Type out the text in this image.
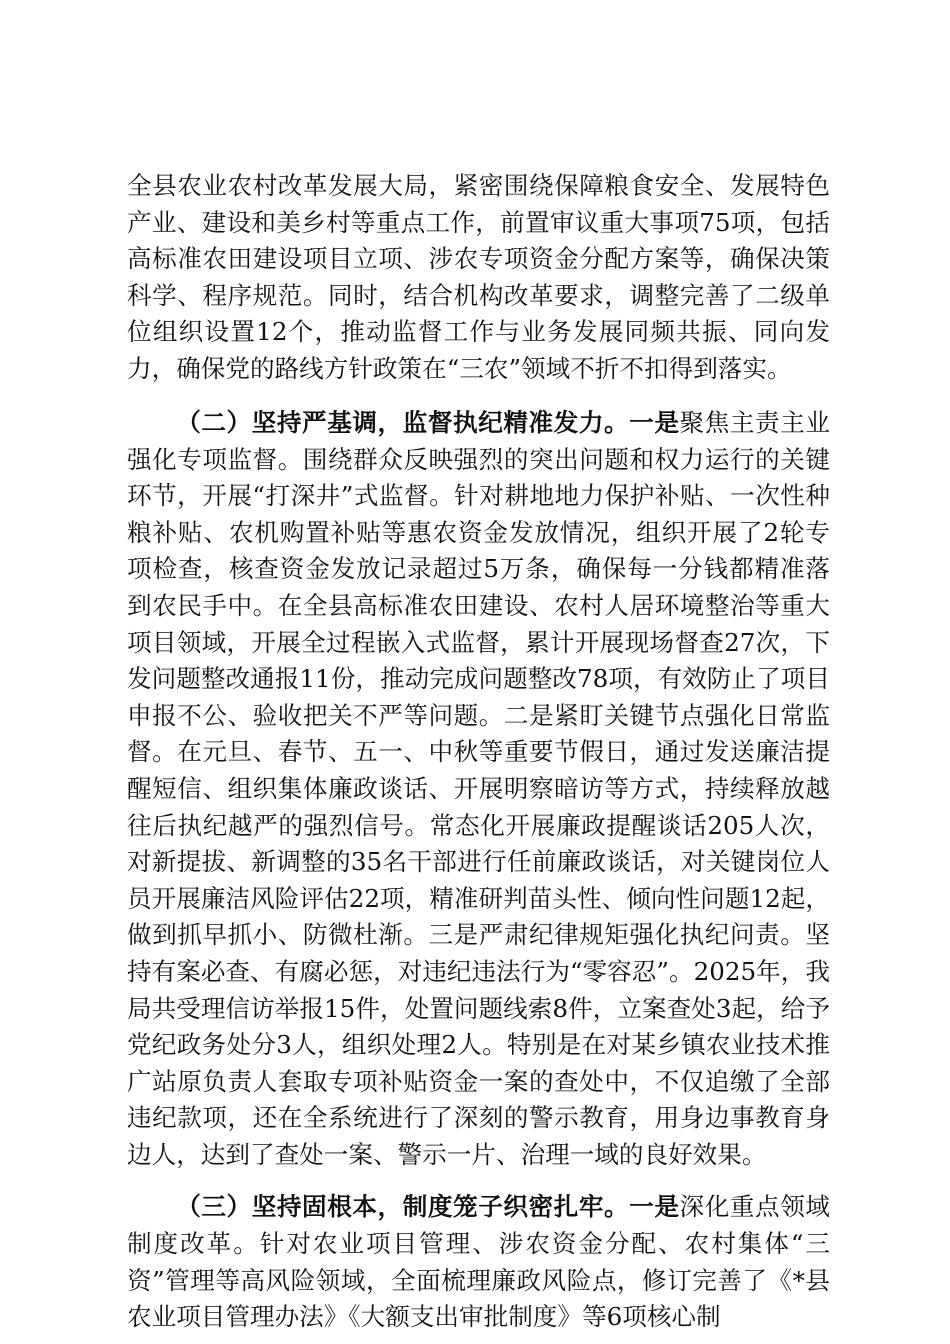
全县农业农村改革发展大局，紧密围绕保障粮食安全、发展特色产业、建设和美乡村等重点工作，前置审议重大事项75项，包括高标准农田建设项目立项、涉农专项资金分配方案等，确保决策科学、程序规范。同时，结合机构改革要求，调整完善了二级单位组织设置12个，推动监督工作与业务发展同频共振、同向发力，确保党的路线方针政策在“三农”领域不折不扣得到落实。

（二）坚持严基调，监督执纪精准发力。一是聚焦主责主业强化专项监督。围绕群众反映强烈的突出问题和权力运行的关键环节，开展“打深井”式监督。针对耕地地力保护补贴、一次性种粮补贴、农机购置补贴等惠农资金发放情况，组织开展了2轮专项检查，核查资金发放记录超过5万条，确保每一分钱都精准落到农民手中。在全县高标准农田建设、农村人居环境整治等重大项目领域，开展全过程嵌入式监督，累计开展现场督查27次，下发问题整改通报11份，推动完成问题整改78项，有效防止了项目申报不公、验收把关不严等问题。二是紧盯关键节点强化日常监督。在元旦、春节、五一、中秋等重要节假日，通过发送廉洁提醒短信、组织集体廉政谈话、开展明察暗访等方式，持续释放越往后执纪越严的强烈信号。常态化开展廉政提醒谈话205人次，对新提拔、新调整的35名干部进行任前廉政谈话，对关键岗位人员开展廉洁风险评估22项，精准研判苗头性、倾向性问题12起，做到抓早抓小、防微杜渐。三是严肃纪律规矩强化执纪问责。坚持有案必查、有腐必惩，对违纪违法行为“零容忍”。2025年，我局共受理信访举报15件，处置问题线索8件，立案查处3起，给予党纪政务处分3人，组织处理2人。特别是在对某乡镇农业技术推广站原负责人套取专项补贴资金一案的查处中，不仅追缴了全部违纪款项，还在全系统进行了深刻的警示教育，用身边事教育身边人，达到了查处一案、警示一片、治理一域的良好效果。

（三）坚持固根本，制度笼子织密扎牢。一是深化重点领域制度改革。针对农业项目管理、涉农资金分配、农村集体“三资”管理等高风险领域，全面梳理廉政风险点，修订完善了《*县农业项目管理办法》《大额支出审批制度》等6项核心制
